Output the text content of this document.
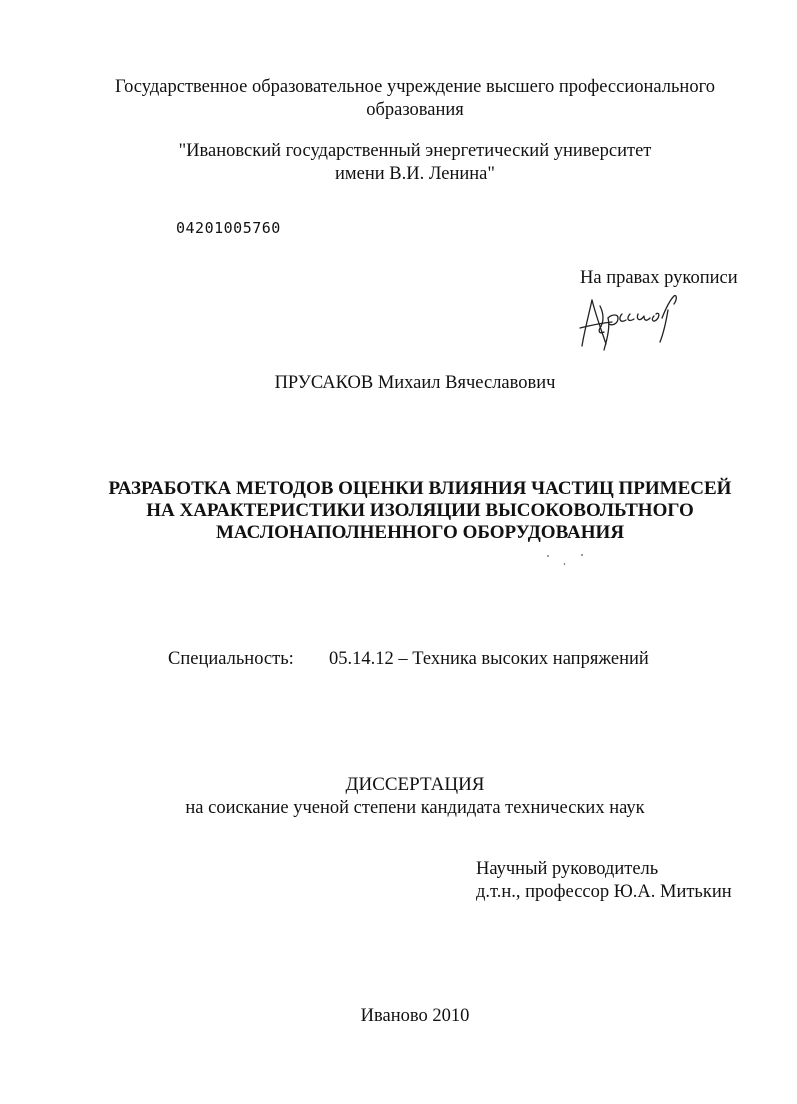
Государственное образовательное учреждение высшего профессионального
образования
"Ивановский государственный энергетический университет
имени В.И. Ленина"
04201005760
На правах рукописи
ПРУСАКОВ Михаил Вячеславович
РАЗРАБОТКА МЕТОДОВ ОЦЕНКИ ВЛИЯНИЯ ЧАСТИЦ ПРИМЕСЕЙ
НА ХАРАКТЕРИСТИКИ ИЗОЛЯЦИИ ВЫСОКОВОЛЬТНОГО
МАСЛОНАПОЛНЕННОГО ОБОРУДОВАНИЯ
Специальность: 05.14.12 – Техника высоких напряжений
ДИССЕРТАЦИЯ
на соискание ученой степени кандидата технических наук
Научный руководитель
д.т.н., профессор Ю.А. Митькин
Иваново 2010
